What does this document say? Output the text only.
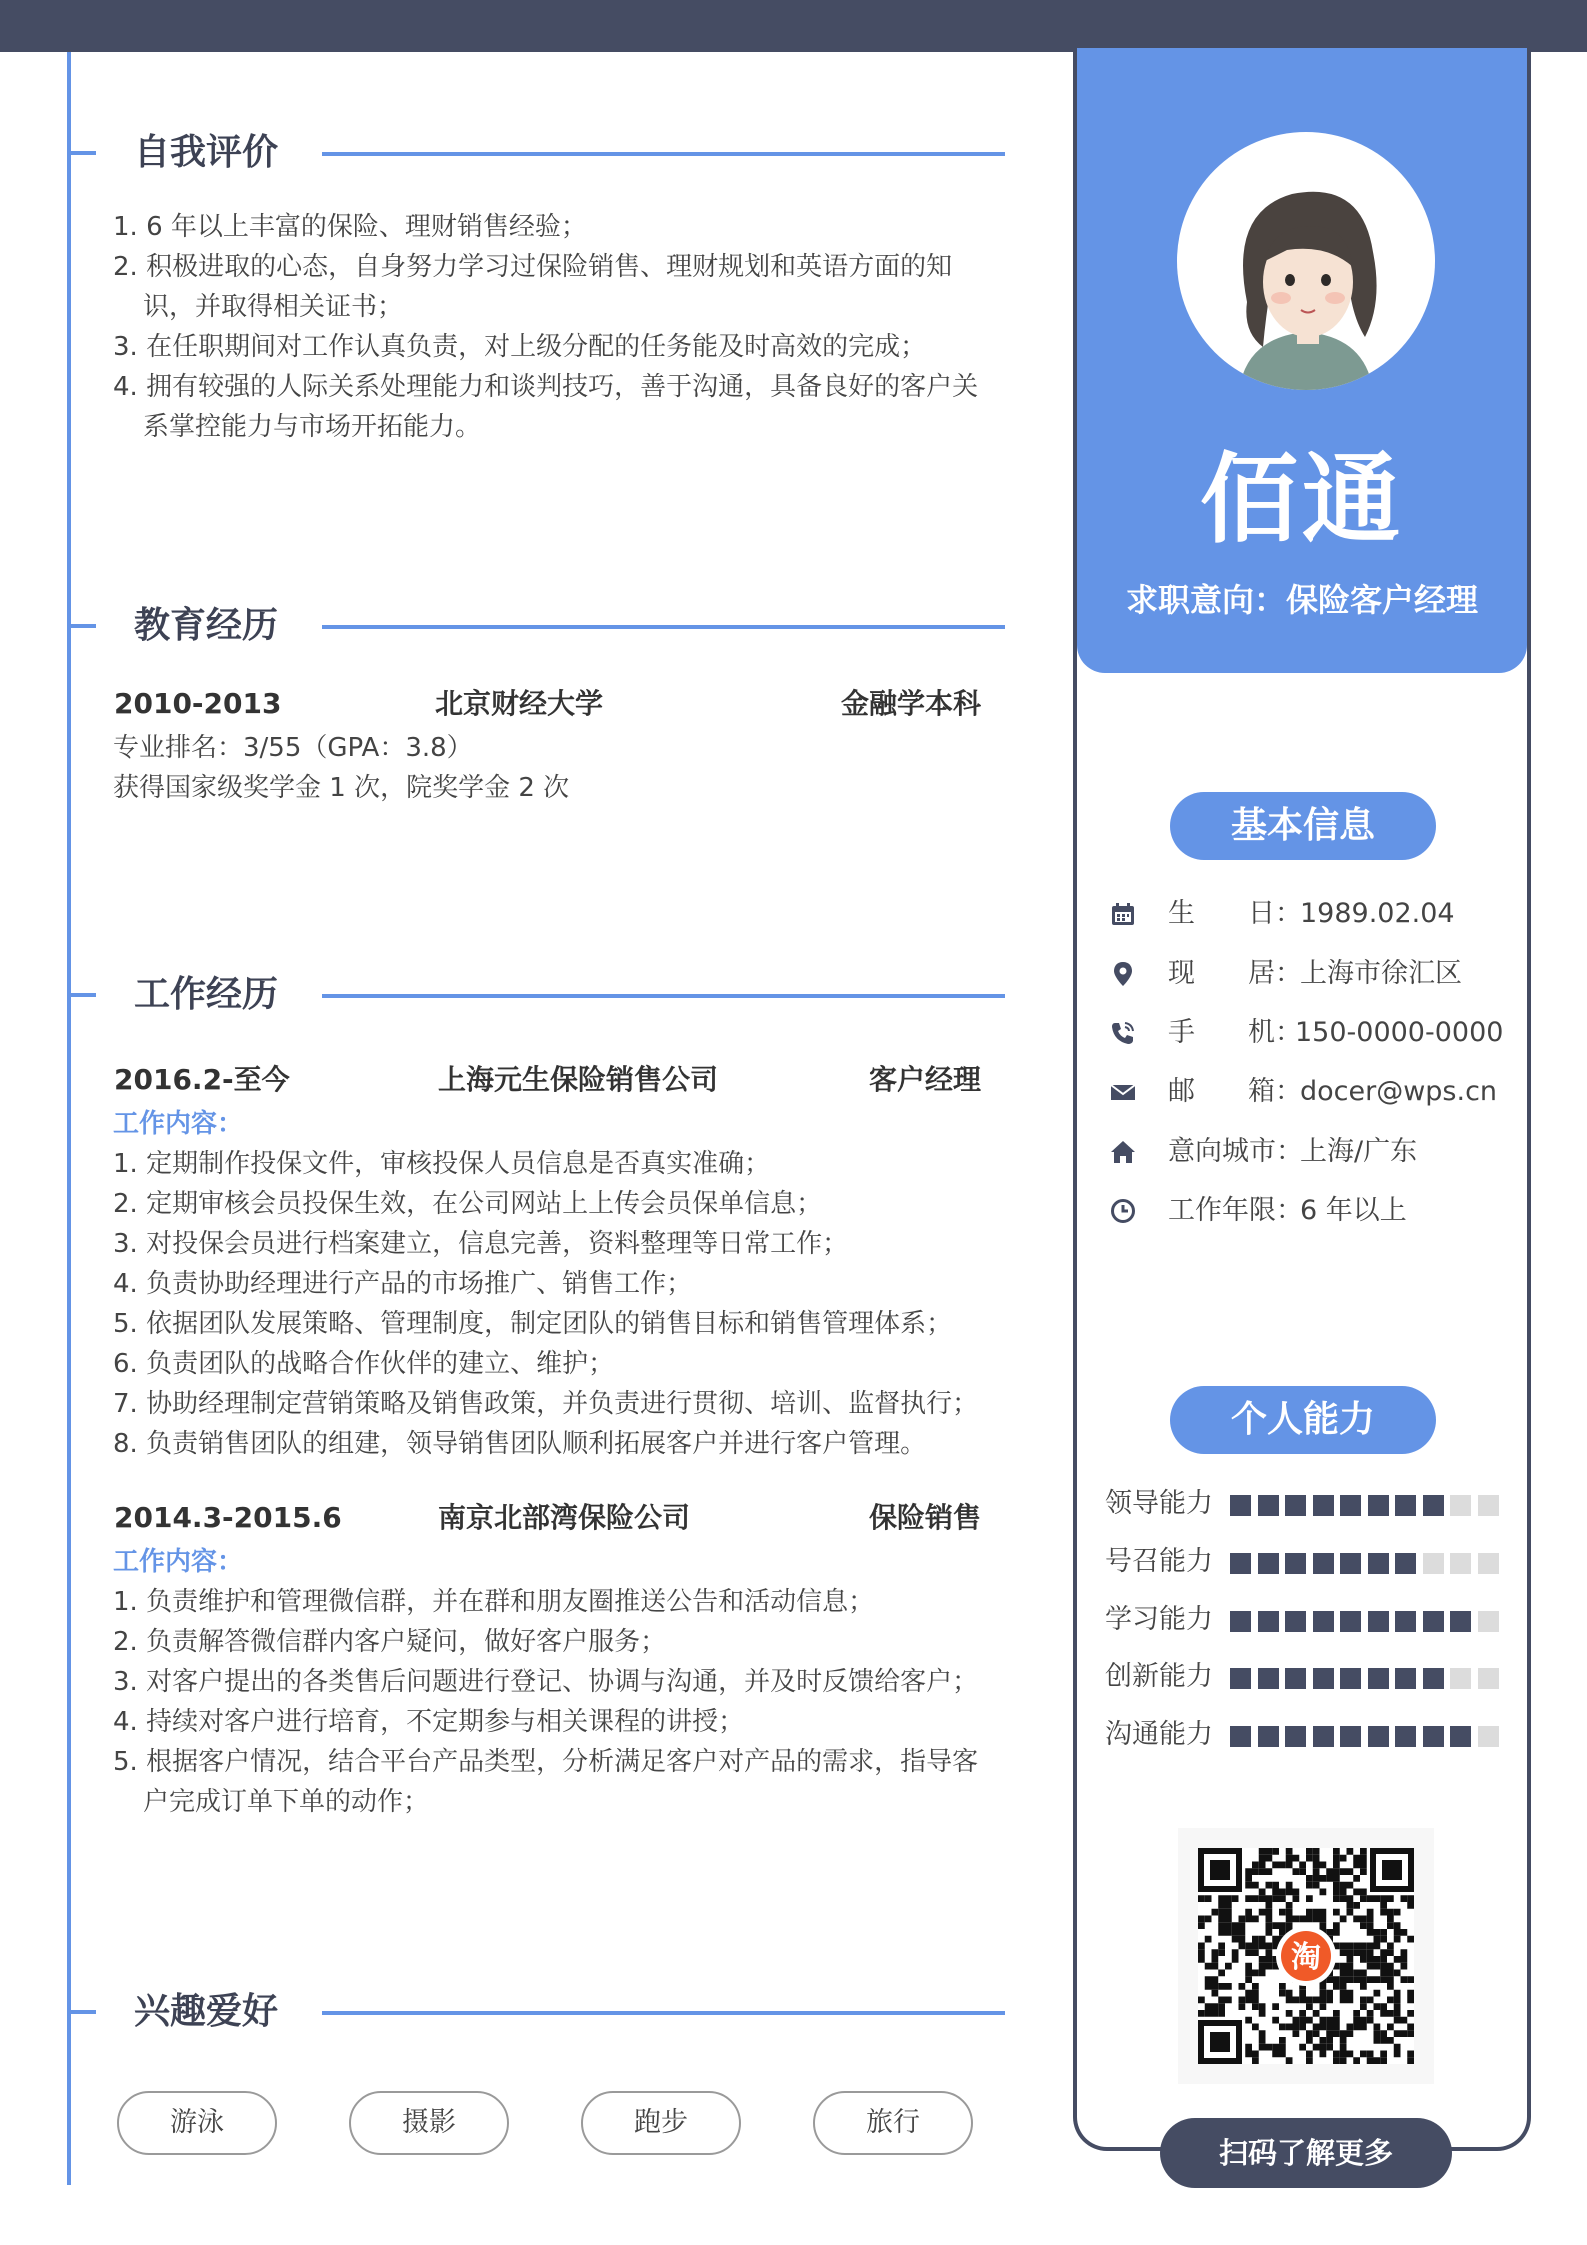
自我评价
1. 6 年以上丰富的保险、理财销售经验；
2. 积极进取的心态，自身努力学习过保险销售、理财规划和英语方面的知识，并取得相关证书；
3. 在任职期间对工作认真负责，对上级分配的任务能及时高效的完成；
4. 拥有较强的人际关系处理能力和谈判技巧，善于沟通，具备良好的客户关系掌控能力与市场开拓能力。
教育经历
2010-2013	北京财经大学	金融学本科
专业排名：3/55（GPA：3.8）
获得国家级奖学金 1 次，院奖学金 2 次
工作经历
2016.2-至今	上海元生保险销售公司	客户经理
工作内容：
1. 定期制作投保文件，审核投保人员信息是否真实准确；
2. 定期审核会员投保生效，在公司网站上上传会员保单信息；
3. 对投保会员进行档案建立，信息完善，资料整理等日常工作；
4. 负责协助经理进行产品的市场推广、销售工作；
5. 依据团队发展策略、管理制度，制定团队的销售目标和销售管理体系；
6. 负责团队的战略合作伙伴的建立、维护；
7. 协助经理制定营销策略及销售政策，并负责进行贯彻、培训、监督执行；
8. 负责销售团队的组建，领导销售团队顺利拓展客户并进行客户管理。
2014.3-2015.6	南京北部湾保险公司	保险销售
工作内容：
1. 负责维护和管理微信群，并在群和朋友圈推送公告和活动信息；
2. 负责解答微信群内客户疑问，做好客户服务；
3. 对客户提出的各类售后问题进行登记、协调与沟通，并及时反馈给客户；
4. 持续对客户进行培育，不定期参与相关课程的讲授；
5. 根据客户情况，结合平台产品类型，分析满足客户对产品的需求，指导客户完成订单下单的动作；
兴趣爱好
游泳	摄影	跑步	旅行
佰通
求职意向：保险客户经理
基本信息
生 日：
1989.02.04
现 居：
上海市徐汇区
手 机：
150-0000-0000
邮 箱：
docer@wps.cn
意向城市：
上海/广东
工作年限：
6 年以上
个人能力
领导能力
号召能力
学习能力
创新能力
沟通能力
淘
扫码了解更多
